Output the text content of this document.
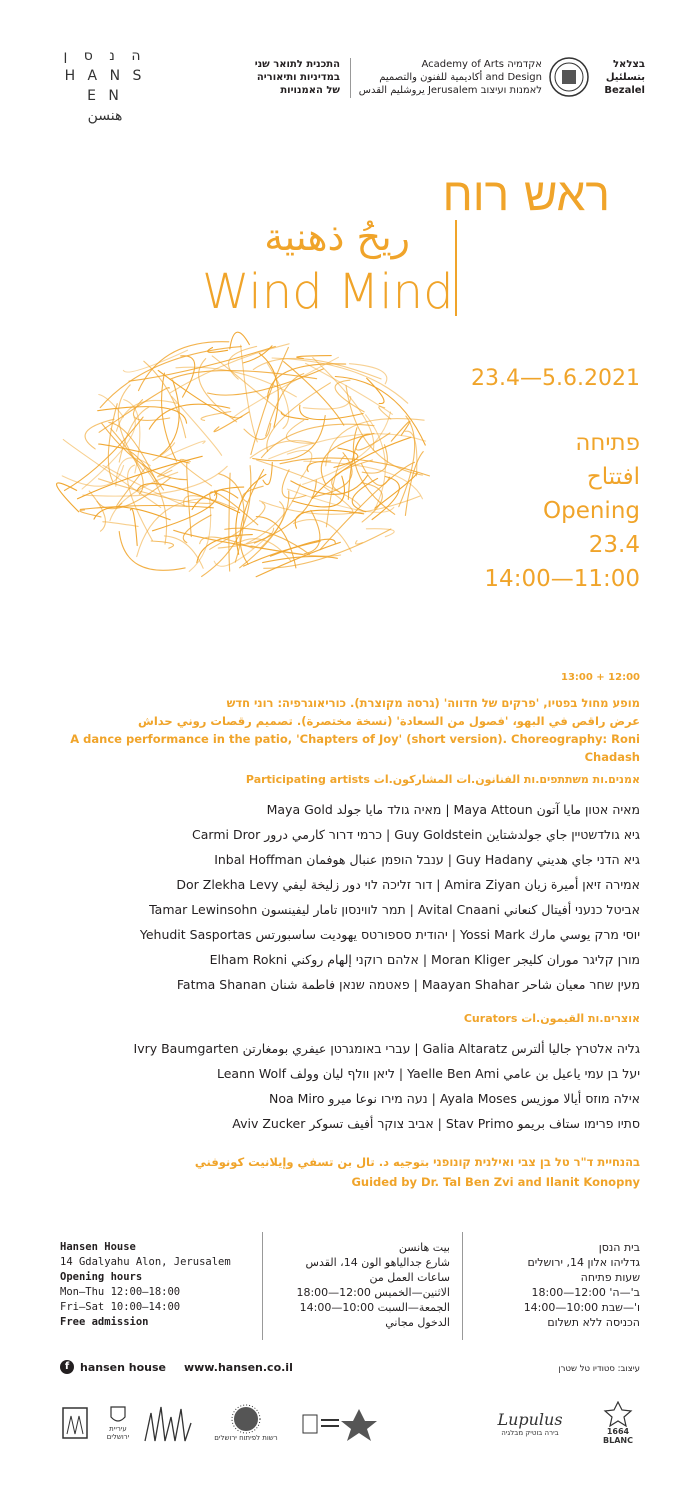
ה נ ס ן
H A N S E N
هنسن
התכנית לתואר שני
במדיניות ותיאוריה
של האמנויות
אקדמיה Academy of Arts
and Design أكاديمية للفنون والتصميم
לאמנות ועיצוב Jerusalem يروشليم القدس
בצלאל
بتسلئيل
Bezalel
ראש רוח
ريحُ ذهنية
Wind Mind
23.4—5.6.2021
פתיחה
افتتاح
Opening
23.4
14:00—11:00
13:00 + 12:00
מופע מחול בפטיו, 'פרקים של חדווה' (גרסה מקוצרת). כוריאוגרפיה: רוני חדש
عرض راقص في البهو، 'فصول من السعادة' (نسخة مختصرة). تصميم رقصات روني حداش
A dance performance in the patio, 'Chapters of Joy' (short version). Choreography: Roni Chadash
אמנים.ות משתתפים.ות الفنانون.ات المشاركون.ات Participating artists
מאיה אטון مايا آتون Maya Attoun | מאיה גולד مايا جولد Maya Gold
גיא גולדשטיין جاي جولدشتاين Guy Goldstein | כרמי דרור كارمي درور Carmi Dror
גיא הדני جاي هديني Guy Hadany | ענבל הופמן عنبال هوفمان Inbal Hoffman
אמירה זיאן أميرة زيان Amira Ziyan | דור זליכה לוי دور زليخة ليفي Dor Zlekha Levy
אביטל כנעני أفيتال كنعاني Avital Cnaani | תמר לווינסון تامار ليفينسون Tamar Lewinsohn
יוסי מרק يوسي مارك Yossi Mark | יהודית סספורטס يهوديت ساسبورتس Yehudit Sasportas
מורן קליגר موران كليجر Moran Kliger | אלהם רוקני إلهام روكني Elham Rokni
מעין שחר معيان شاحر Maayan Shahar | פאטמה שנאן فاطمة شنان Fatma Shanan
אוצרים.ות القيمون.ات Curators
גליה אלטרץ جاليا ألترس Galia Altaratz | עברי באומגרטן عيفري بومغارتن Ivry Baumgarten
יעל בן עמי ياعيل بن عامي Yaelle Ben Ami | ליאן וולף ليان وولف Leann Wolf
אילה מוזס أيالا موزيس Ayala Moses | נעה מירו نوعا ميرو Noa Miro
סתיו פרימו ستاف بريمو Stav Primo | אביב צוקר أفيف تسوكر Aviv Zucker
בהנחיית ד"ר טל בן צבי ואילנית קונופני بتوجيه د. تال بن تسفي وإيلانيت كونوفني
Guided by Dr. Tal Ben Zvi and Ilanit Konopny
Hansen House
14 Gdalyahu Alon, Jerusalem
Opening hours
Mon—Thu 12:00—18:00
Fri—Sat 10:00—14:00
Free admission
بيت هانسن
شارع جداليا‌هو الون 14، القدس
ساعات العمل من
الاثنين—الخميس 12:00—18:00
الجمعة—السبت 10:00—14:00
الدخول مجاني
בית הנסן
גדליהו אלון 14, ירושלים
שעות פתיחה
ב'—ה' 12:00—18:00
ו'—שבת 10:00—14:00
הכניסה ללא תשלום
f hansen house www.hansen.co.il	עיצוב: סטודיו טל שטרן
עיריית ירושלים	רשות לפיתוח ירושלים
Lupulus
בירה בוטיק מבלגיה	1664 BLANC
